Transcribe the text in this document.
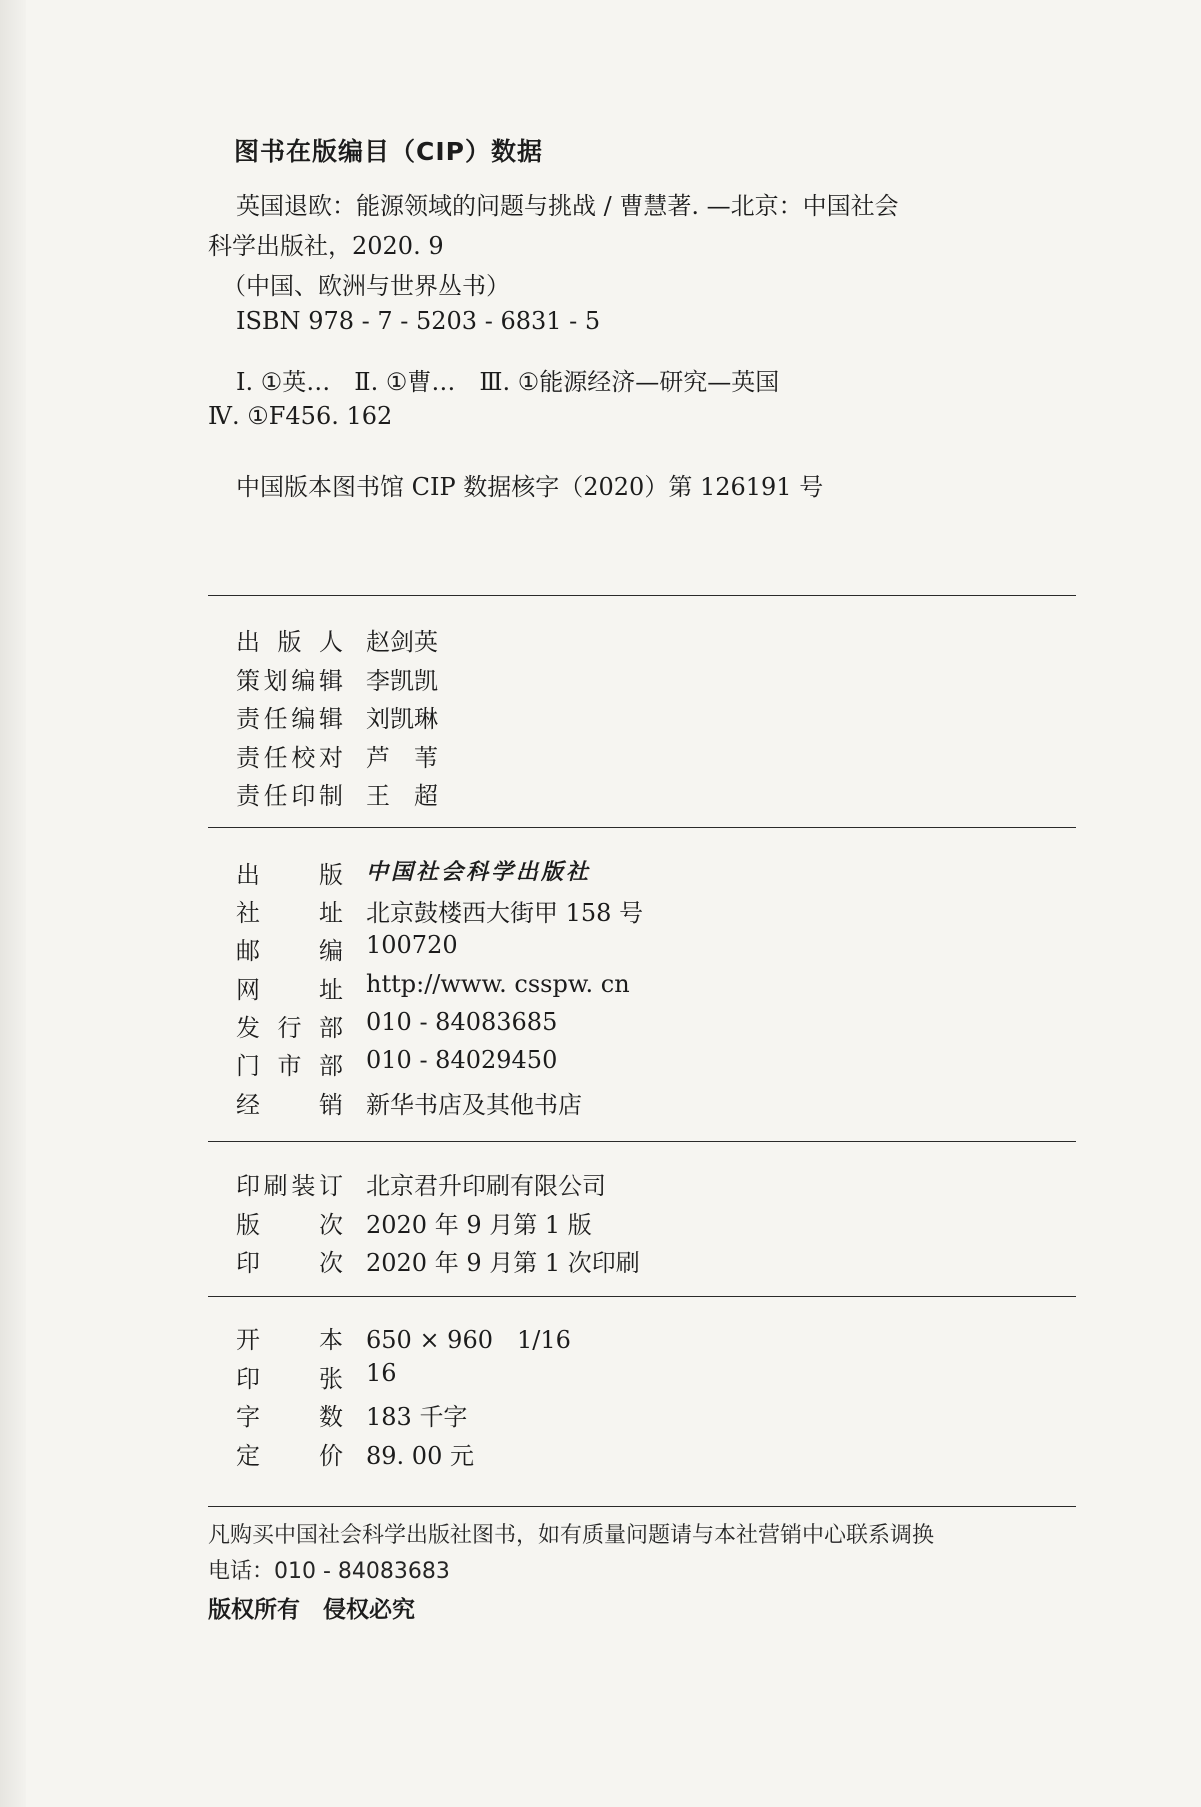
图书在版编目（CIP）数据
英国退欧：能源领域的问题与挑战 / 曹慧著. —北京：中国社会
科学出版社，2020. 9
（中国、欧洲与世界丛书）
ISBN 978 - 7 - 5203 - 6831 - 5
Ⅰ. ①英…　Ⅱ. ①曹…　Ⅲ. ①能源经济—研究—英国
Ⅳ. ①F456. 162
中国版本图书馆 CIP 数据核字（2020）第 126191 号
出 版 人 赵剑英
策 划 编 辑 李凯凯
责 任 编 辑 刘凯琳
责 任 校 对 芦　苇
责 任 印 制 王　超
出 版 中国社会科学出版社
社 址 北京鼓楼西大街甲 158 号
邮 编 100720
网 址 http://www. csspw. cn
发 行 部 010 - 84083685
门 市 部 010 - 84029450
经 销 新华书店及其他书店
印 刷 装 订 北京君升印刷有限公司
版 次 2020 年 9 月第 1 版
印 次 2020 年 9 月第 1 次印刷
开 本 650 × 960　1/16
印 张 16
字 数 183 千字
定 价 89. 00 元
凡购买中国社会科学出版社图书，如有质量问题请与本社营销中心联系调换
电话：010 - 84083683
版权所有　侵权必究
